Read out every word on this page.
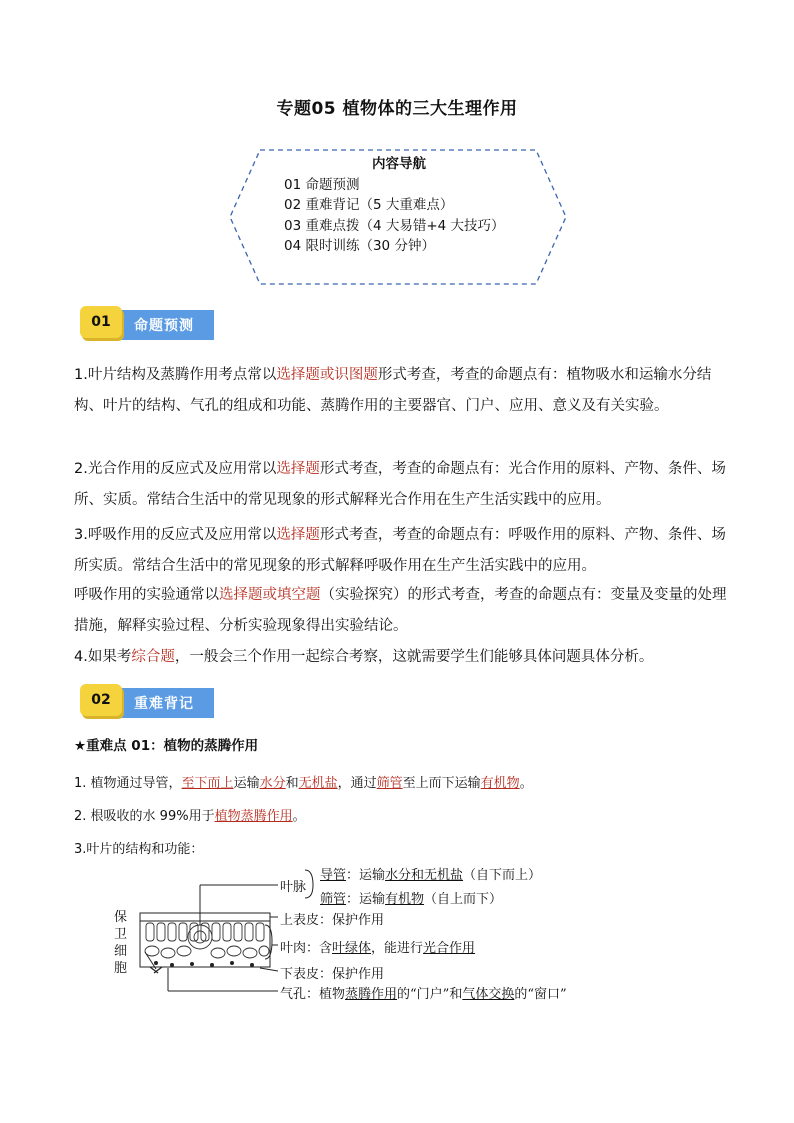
专题05 植物体的三大生理作用
内容导航
01 命题预测
02 重难背记（5 大重难点）
03 重难点拨（4 大易错+4 大技巧）
04 限时训练（30 分钟）
命题预测
01
1.叶片结构及蒸腾作用考点常以选择题或识图题形式考查，考查的命题点有：植物吸水和运输水分结构、叶片的结构、气孔的组成和功能、蒸腾作用的主要器官、门户、应用、意义及有关实验。
2.光合作用的反应式及应用常以选择题形式考查，考查的命题点有：光合作用的原料、产物、条件、场所、实质。常结合生活中的常见现象的形式解释光合作用在生产生活实践中的应用。
3.呼吸作用的反应式及应用常以选择题形式考查，考查的命题点有：呼吸作用的原料、产物、条件、场所实质。常结合生活中的常见现象的形式解释呼吸作用在生产生活实践中的应用。
呼吸作用的实验通常以选择题或填空题（实验探究）的形式考查，考查的命题点有：变量及变量的处理措施，解释实验过程、分析实验现象得出实验结论。
4.如果考综合题，一般会三个作用一起综合考察，这就需要学生们能够具体问题具体分析。
重难背记
02
★重难点 01：植物的蒸腾作用
1. 植物通过导管，至下而上运输水分和无机盐，通过筛管至上而下运输有机物。
2. 根吸收的水 99%用于植物蒸腾作用。
3.叶片的结构和功能：
叶脉
导管：运输水分和无机盐（自下而上）
筛管：运输有机物（自上而下）
上表皮：保护作用
叶肉：含叶绿体，能进行光合作用
下表皮：保护作用
气孔：植物蒸腾作用的“门户”和气体交换的“窗口”
保
卫
细
胞
